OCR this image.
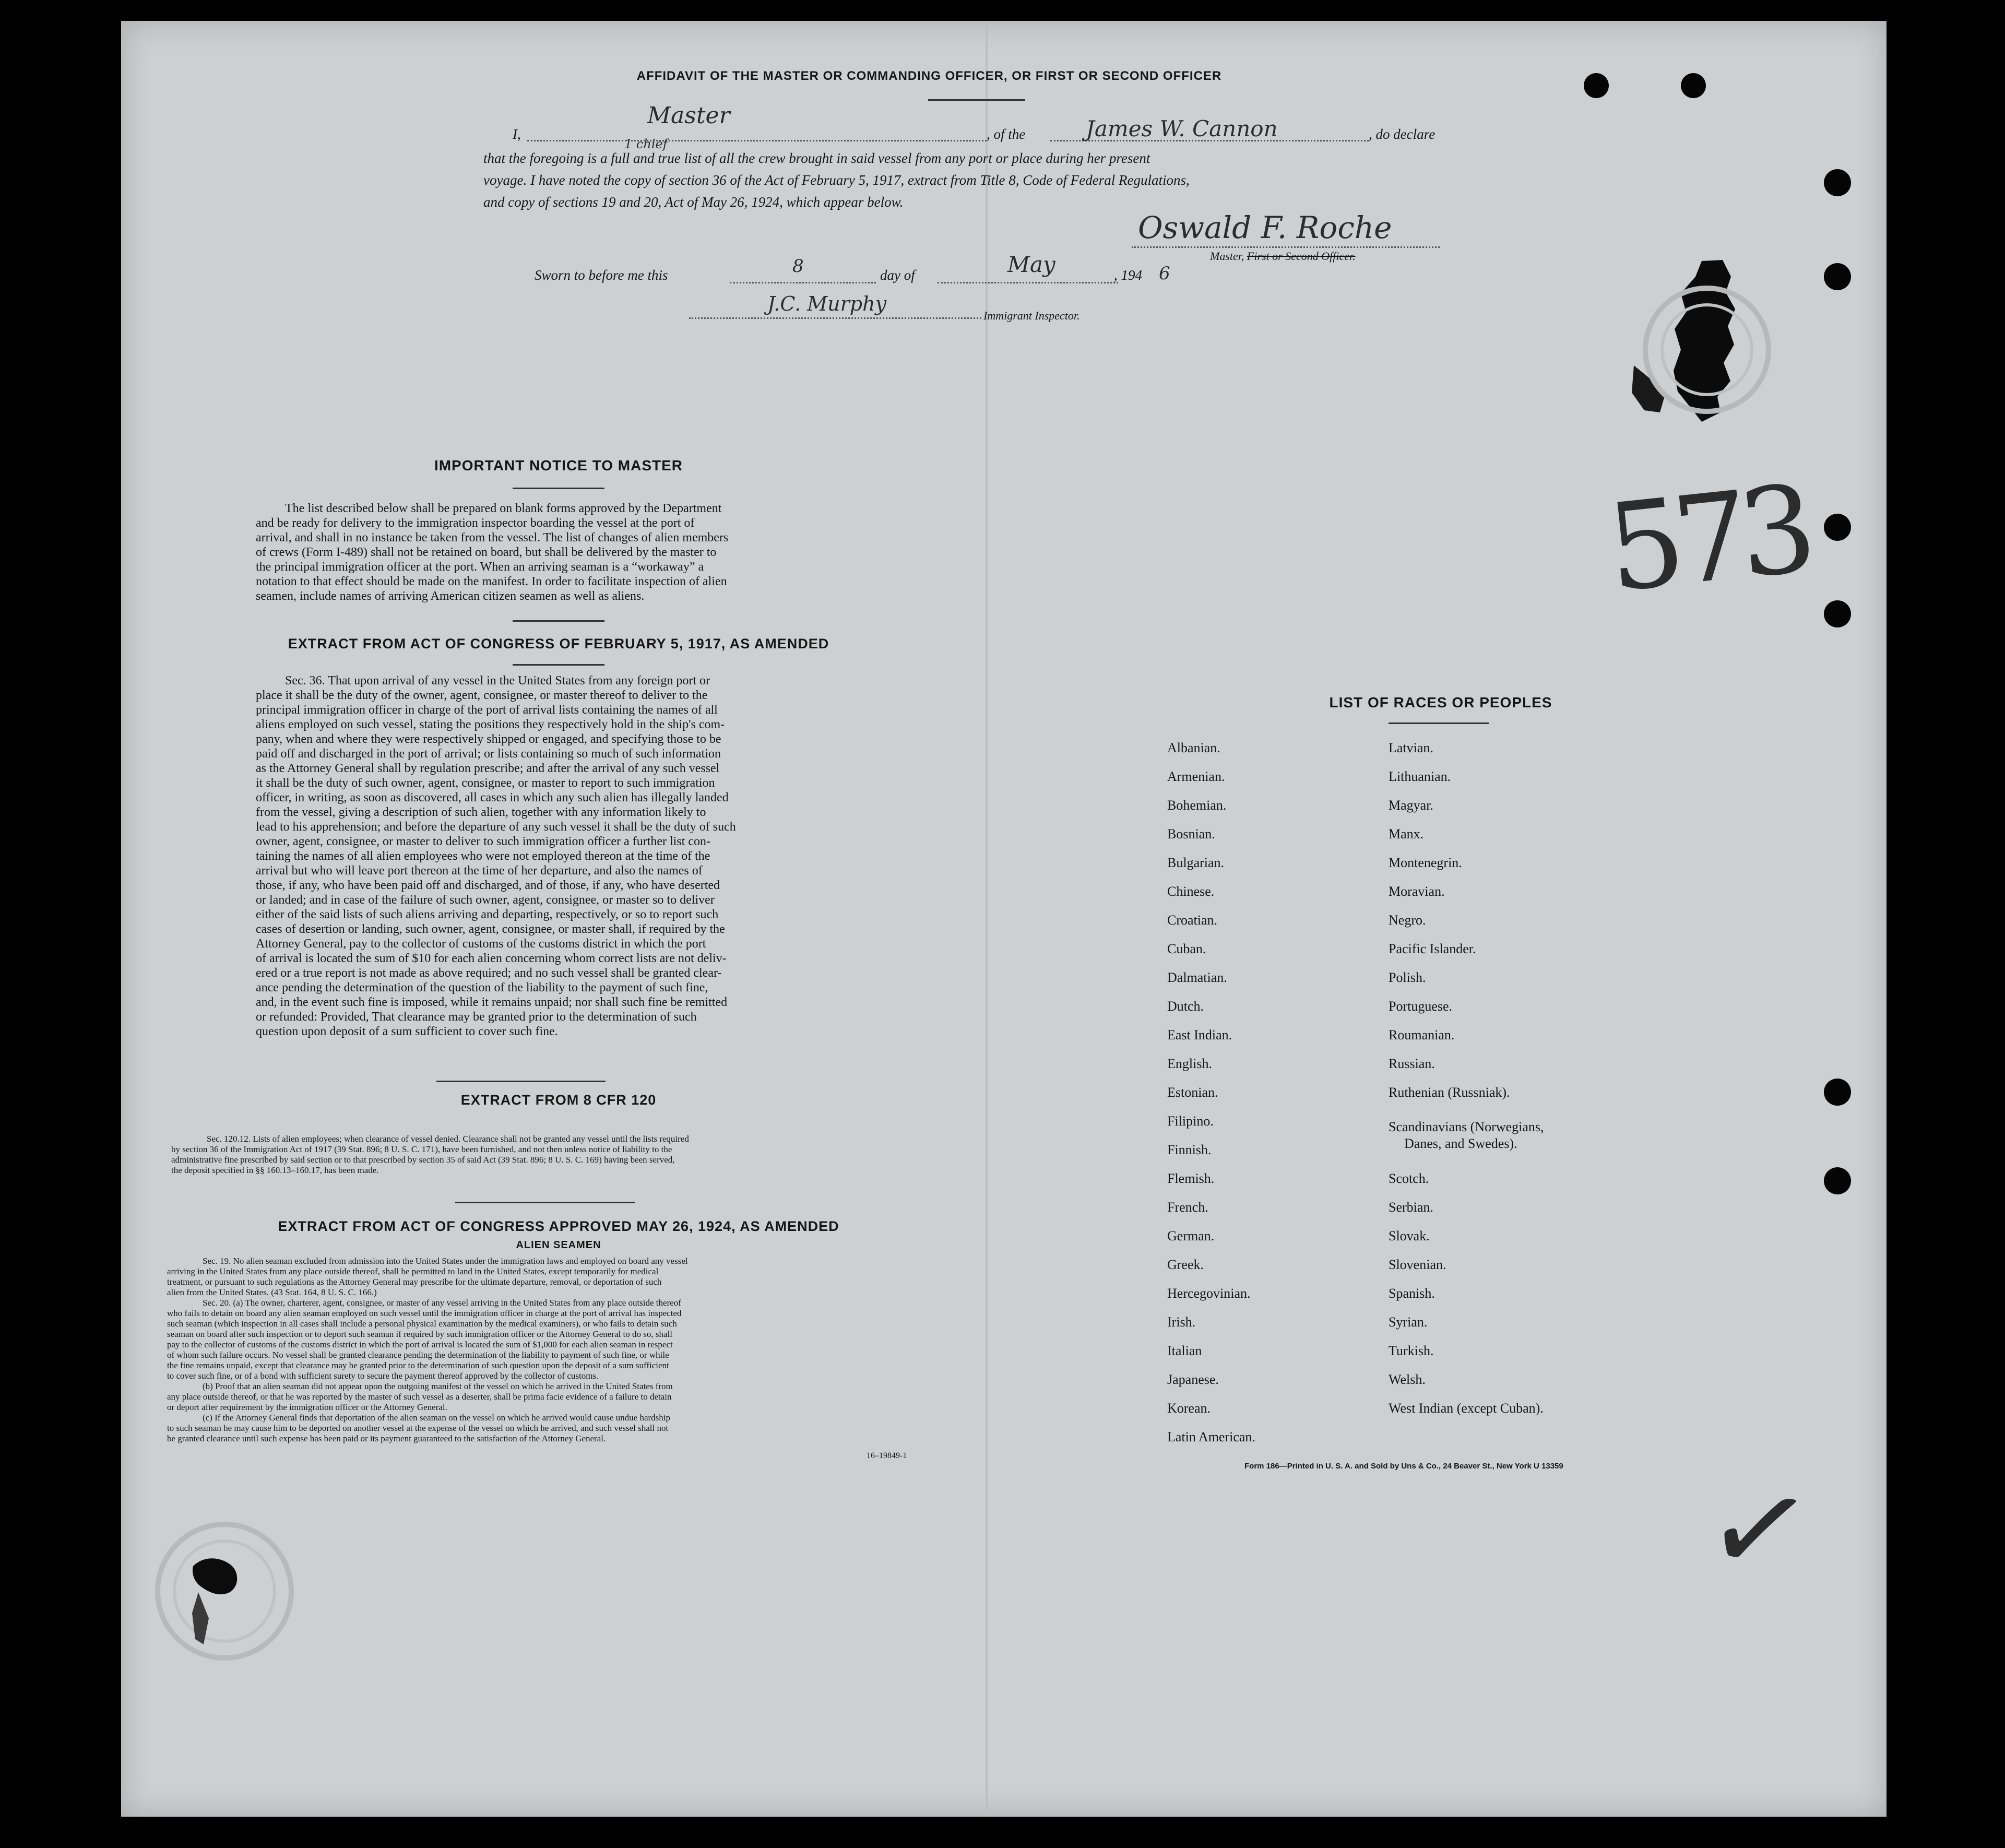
AFFIDAVIT OF THE MASTER OR COMMANDING OFFICER, OR FIRST OR SECOND OFFICER
I,
Master
1 chief
, of the	James W. Cannon	, do declare
that the foregoing is a full and true list of all the crew brought in said vessel from any port or place during her present
voyage. I have noted the copy of section 36 of the Act of February 5, 1917, extract from Title 8, Code of Federal Regulations,
and copy of sections 19 and 20, Act of May 26, 1924, which appear below.
Oswald F. Roche
Master, First or Second Officer.
Sworn to before me this	8	day of	May	, 194 6
J.C. Murphy
Immigrant Inspector.
IMPORTANT NOTICE TO MASTER
The list described below shall be prepared on blank forms approved by the Department
and be ready for delivery to the immigration inspector boarding the vessel at the port of
arrival, and shall in no instance be taken from the vessel. The list of changes of alien members
of crews (Form I-489) shall not be retained on board, but shall be delivered by the master to
the principal immigration officer at the port. When an arriving seaman is a “workaway” a
notation to that effect should be made on the manifest. In order to facilitate inspection of alien
seamen, include names of arriving American citizen seamen as well as aliens.
EXTRACT FROM ACT OF CONGRESS OF FEBRUARY 5, 1917, AS AMENDED
Sec. 36. That upon arrival of any vessel in the United States from any foreign port or
place it shall be the duty of the owner, agent, consignee, or master thereof to deliver to the
principal immigration officer in charge of the port of arrival lists containing the names of all
aliens employed on such vessel, stating the positions they respectively hold in the ship's com-
pany, when and where they were respectively shipped or engaged, and specifying those to be
paid off and discharged in the port of arrival; or lists containing so much of such information
as the Attorney General shall by regulation prescribe; and after the arrival of any such vessel
it shall be the duty of such owner, agent, consignee, or master to report to such immigration
officer, in writing, as soon as discovered, all cases in which any such alien has illegally landed
from the vessel, giving a description of such alien, together with any information likely to
lead to his apprehension; and before the departure of any such vessel it shall be the duty of such
owner, agent, consignee, or master to deliver to such immigration officer a further list con-
taining the names of all alien employees who were not employed thereon at the time of the
arrival but who will leave port thereon at the time of her departure, and also the names of
those, if any, who have been paid off and discharged, and of those, if any, who have deserted
or landed; and in case of the failure of such owner, agent, consignee, or master so to deliver
either of the said lists of such aliens arriving and departing, respectively, or so to report such
cases of desertion or landing, such owner, agent, consignee, or master shall, if required by the
Attorney General, pay to the collector of customs of the customs district in which the port
of arrival is located the sum of $10 for each alien concerning whom correct lists are not deliv-
ered or a true report is not made as above required; and no such vessel shall be granted clear-
ance pending the determination of the question of the liability to the payment of such fine,
and, in the event such fine is imposed, while it remains unpaid; nor shall such fine be remitted
or refunded: Provided, That clearance may be granted prior to the determination of such
question upon deposit of a sum sufficient to cover such fine.
EXTRACT FROM 8 CFR 120
Sec. 120.12. Lists of alien employees; when clearance of vessel denied. Clearance shall not be granted any vessel until the lists required
by section 36 of the Immigration Act of 1917 (39 Stat. 896; 8 U. S. C. 171), have been furnished, and not then unless notice of liability to the
administrative fine prescribed by said section or to that prescribed by section 35 of said Act (39 Stat. 896; 8 U. S. C. 169) having been served,
the deposit specified in §§ 160.13–160.17, has been made.
EXTRACT FROM ACT OF CONGRESS APPROVED MAY 26, 1924, AS AMENDED
ALIEN SEAMEN
Sec. 19. No alien seaman excluded from admission into the United States under the immigration laws and employed on board any vessel
arriving in the United States from any place outside thereof, shall be permitted to land in the United States, except temporarily for medical
treatment, or pursuant to such regulations as the Attorney General may prescribe for the ultimate departure, removal, or deportation of such
alien from the United States. (43 Stat. 164, 8 U. S. C. 166.)
Sec. 20. (a) The owner, charterer, agent, consignee, or master of any vessel arriving in the United States from any place outside thereof
who fails to detain on board any alien seaman employed on such vessel until the immigration officer in charge at the port of arrival has inspected
such seaman (which inspection in all cases shall include a personal physical examination by the medical examiners), or who fails to detain such
seaman on board after such inspection or to deport such seaman if required by such immigration officer or the Attorney General to do so, shall
pay to the collector of customs of the customs district in which the port of arrival is located the sum of $1,000 for each alien seaman in respect
of whom such failure occurs. No vessel shall be granted clearance pending the determination of the liability to payment of such fine, or while
the fine remains unpaid, except that clearance may be granted prior to the determination of such question upon the deposit of a sum sufficient
to cover such fine, or of a bond with sufficient surety to secure the payment thereof approved by the collector of customs.
(b) Proof that an alien seaman did not appear upon the outgoing manifest of the vessel on which he arrived in the United States from
any place outside thereof, or that he was reported by the master of such vessel as a deserter, shall be prima facie evidence of a failure to detain
or deport after requirement by the immigration officer or the Attorney General.
(c) If the Attorney General finds that deportation of the alien seaman on the vessel on which he arrived would cause undue hardship
to such seaman he may cause him to be deported on another vessel at the expense of the vessel on which he arrived, and such vessel shall not
be granted clearance until such expense has been paid or its payment guaranteed to the satisfaction of the Attorney General.
16–19849-1
LIST OF RACES OR PEOPLES
Albanian.
Armenian.
Bohemian.
Bosnian.
Bulgarian.
Chinese.
Croatian.
Cuban.
Dalmatian.
Dutch.
East Indian.
English.
Estonian.
Filipino.
Finnish.
Flemish.
French.
German.
Greek.
Hercegovinian.
Irish.
Italian
Japanese.
Korean.
Latin American.
Latvian.
Lithuanian.
Magyar.
Manx.
Montenegrin.
Moravian.
Negro.
Pacific Islander.
Polish.
Portuguese.
Roumanian.
Russian.
Ruthenian (Russniak).
Scandinavians (Norwegians,
Danes, and Swedes).
Scotch.
Serbian.
Slovak.
Slovenian.
Spanish.
Syrian.
Turkish.
Welsh.
West Indian (except Cuban).
Form 186—Printed in U. S. A. and Sold by Uns & Co., 24 Beaver St., New York U 13359
573
✓
